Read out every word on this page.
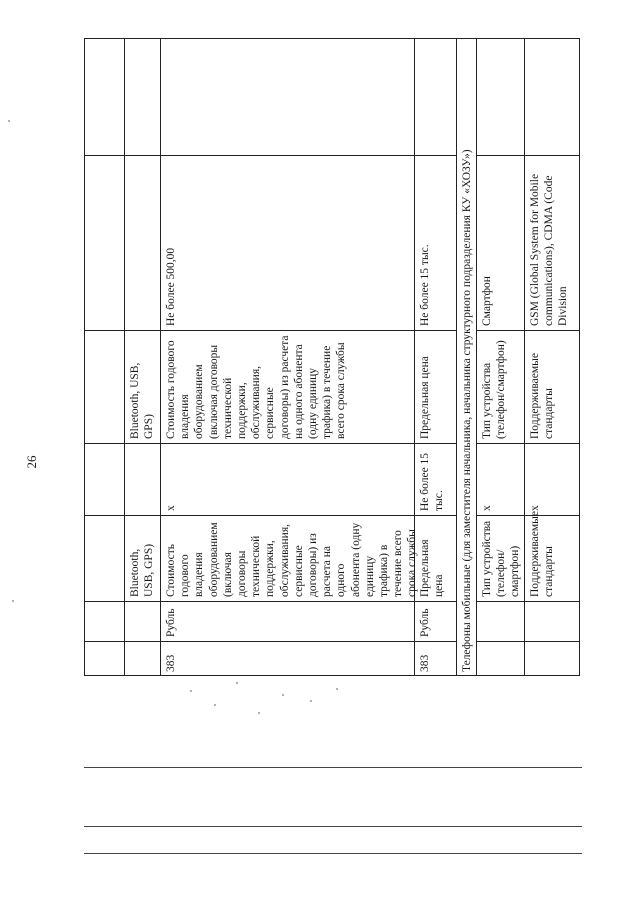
26
Bluetooth, USB, GPS)
Bluetooth, USB, GPS)
383
Рубль
Стоимость годового владения оборудованием (включая договоры технической поддержки, обслуживания, сервисные договоры) из расчета на одного абонента (одну единицу трафика) в течение всего срока службы
x
Стоимость годового владения оборудованием (включая договоры технической поддержки, обслуживания, сервисные договоры) из расчета на одного абонента (одну единицу трафика) в течение всего срока службы
Не более 500,00
383
Рубль
Предельная цена
Не более 15 тыс.
Предельная цена
Не более 15 тыс.	Телефоны мобильные (для заместителя начальника, начальника структурного подразделения КУ «ХОЗУ») Тип устройства (телефон/смартфон)
x
Тип устройства (телефон/смартфон)
Смартфон
Поддерживаемые стандарты
x
Поддерживаемые стандарты
GSM (Global System for Mobile communications), CDMA (Code Division
